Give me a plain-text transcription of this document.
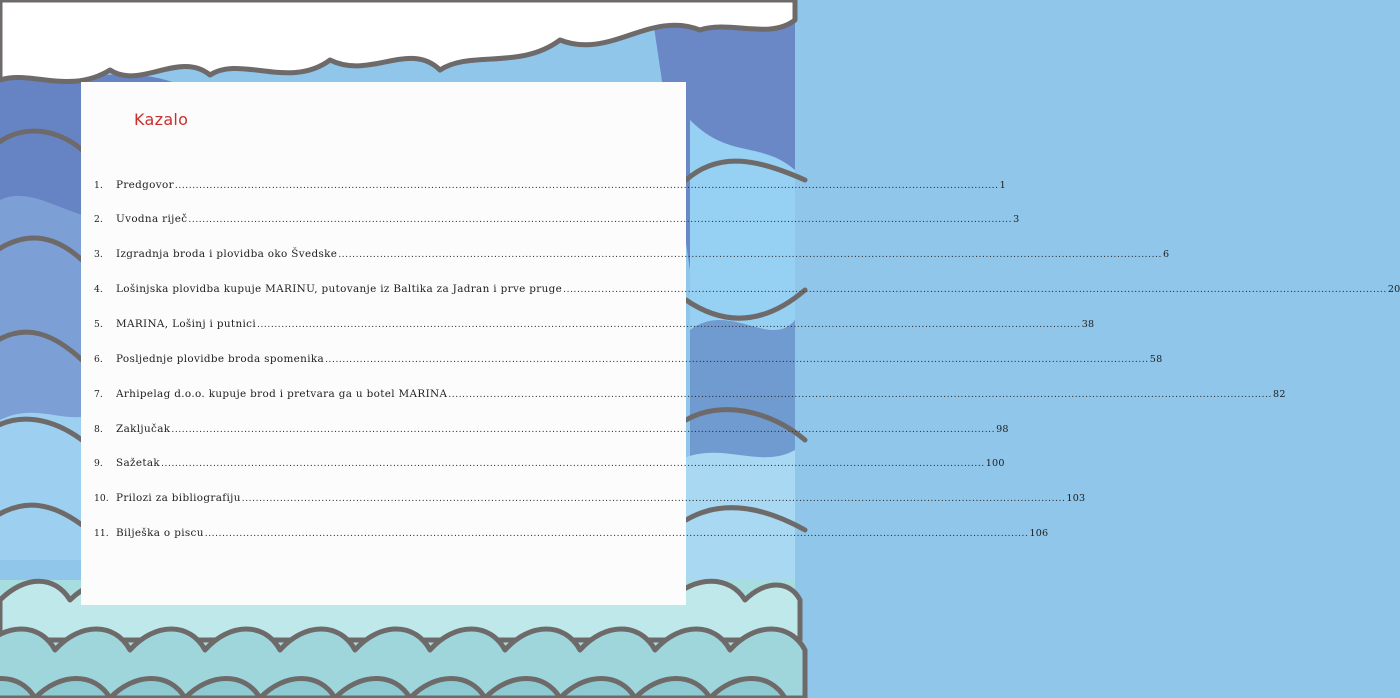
Kazalo
1.	Predgovor .............................................................................................................................................................................................................................................. 1
2.	Uvodna riječ .............................................................................................................................................................................................................................................. 3
3.	Izgradnja broda i plovidba oko Švedske .............................................................................................................................................................................................................................................. 6
4.	Lošinjska plovidba kupuje MARINU, putovanje iz Baltika za Jadran i prve pruge .............................................................................................................................................................................................................................................. 20
5.	MARINA, Lošinj i putnici .............................................................................................................................................................................................................................................. 38
6.	Posljednje plovidbe broda spomenika .............................................................................................................................................................................................................................................. 58
7.	Arhipelag d.o.o. kupuje brod i pretvara ga u botel MARINA .............................................................................................................................................................................................................................................. 82
8.	Zaključak .............................................................................................................................................................................................................................................. 98
9.	Sažetak .............................................................................................................................................................................................................................................. 100
10. Prilozi za bibliografiju .............................................................................................................................................................................................................................................. 103
11. Bilješka o piscu .............................................................................................................................................................................................................................................. 106
